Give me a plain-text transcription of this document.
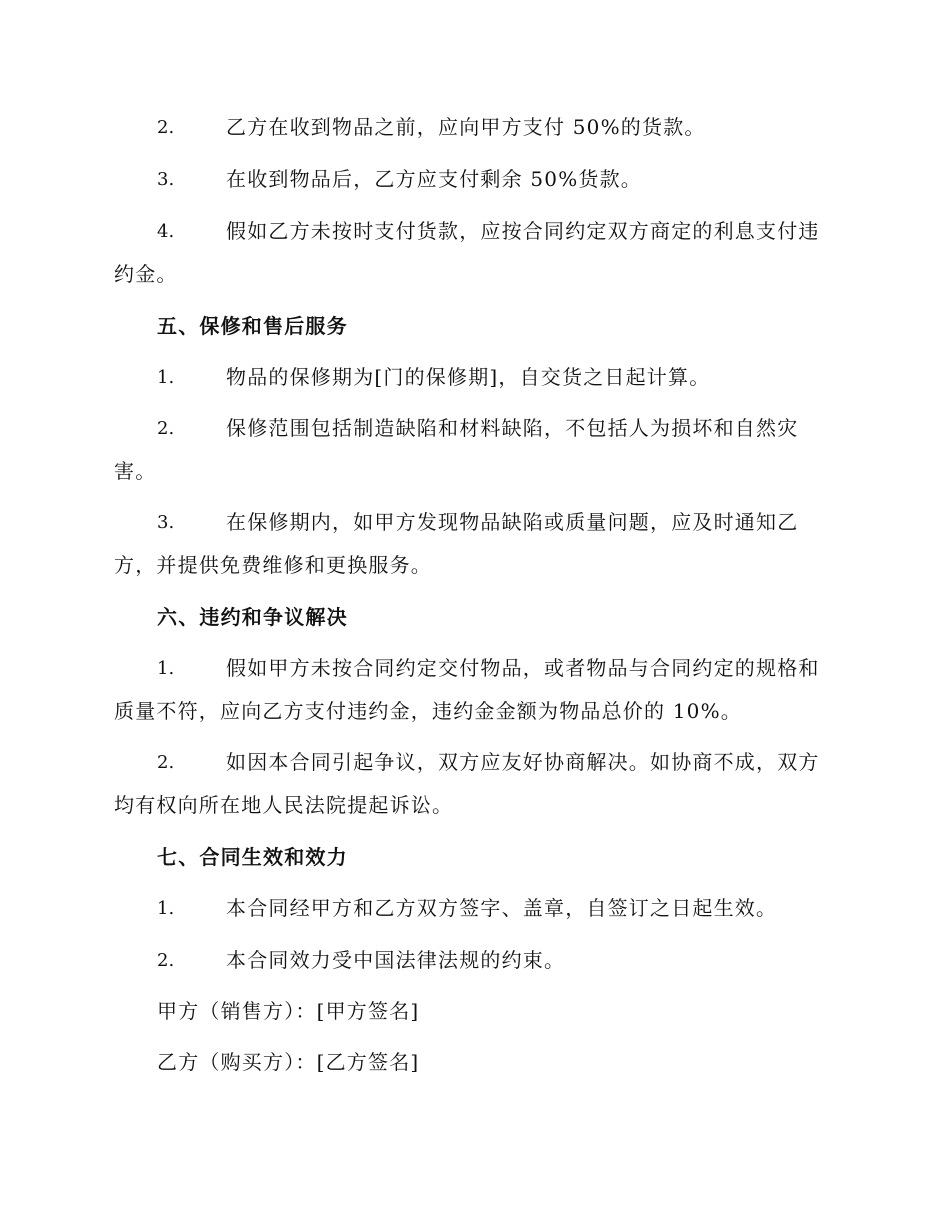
2.	乙方在收到物品之前，应向甲方支付 50%的货款。
3.	在收到物品后，乙方应支付剩余 50%货款。
4.	假如乙方未按时支付货款，应按合同约定双方商定的利息支付违
约金。
五、保修和售后服务
1.	物品的保修期为[门的保修期]，自交货之日起计算。
2.	保修范围包括制造缺陷和材料缺陷，不包括人为损坏和自然灾
害。
3.	在保修期内，如甲方发现物品缺陷或质量问题，应及时通知乙
方，并提供免费维修和更换服务。
六、违约和争议解决
1.	假如甲方未按合同约定交付物品，或者物品与合同约定的规格和
质量不符，应向乙方支付违约金，违约金金额为物品总价的 10%。
2.	如因本合同引起争议，双方应友好协商解决。如协商不成，双方
均有权向所在地人民法院提起诉讼。
七、合同生效和效力
1.	本合同经甲方和乙方双方签字、盖章，自签订之日起生效。
2.	本合同效力受中国法律法规的约束。
甲方（销售方）：[甲方签名]
乙方（购买方）：[乙方签名]
